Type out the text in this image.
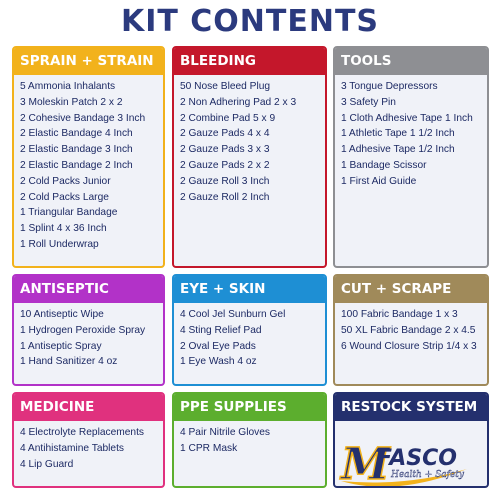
KIT CONTENTS
SPRAIN + STRAIN
5 Ammonia Inhalants
3 Moleskin Patch 2 x 2
2 Cohesive Bandage 3 Inch
2 Elastic Bandage 4 Inch
2 Elastic Bandage 3 Inch
2 Elastic Bandage 2 Inch
2 Cold Packs Junior
2 Cold Packs Large
1 Triangular Bandage
1 Splint 4 x 36 Inch
1 Roll Underwrap
BLEEDING
50 Nose Bleed Plug
2 Non Adhering Pad 2 x 3
2 Combine Pad 5 x 9
2 Gauze Pads 4 x 4
2 Gauze Pads 3 x 3
2 Gauze Pads 2 x 2
2 Gauze Roll 3 Inch
2 Gauze Roll 2 Inch
TOOLS
3 Tongue Depressors
3 Safety Pin
1 Cloth Adhesive Tape 1 Inch
1 Athletic Tape 1 1/2 Inch
1 Adhesive Tape 1/2 Inch
1 Bandage Scissor
1 First Aid Guide
ANTISEPTIC
10 Antiseptic Wipe
1 Hydrogen Peroxide Spray
1 Antiseptic Spray
1 Hand Sanitizer 4 oz
EYE + SKIN
4 Cool Jel Sunburn Gel
4 Sting Relief Pad
2 Oval Eye Pads
1 Eye Wash 4 oz
CUT + SCRAPE
100 Fabric Bandage 1 x 3
50 XL Fabric Bandage 2 x 4.5
6 Wound Closure Strip 1/4 x 3
MEDICINE
4 Electrolyte Replacements
4 Antihistamine Tablets
4 Lip Guard
PPE SUPPLIES
4 Pair Nitrile Gloves
1 CPR Mask
RESTOCK SYSTEM
M
FASCO
Health + Safety
